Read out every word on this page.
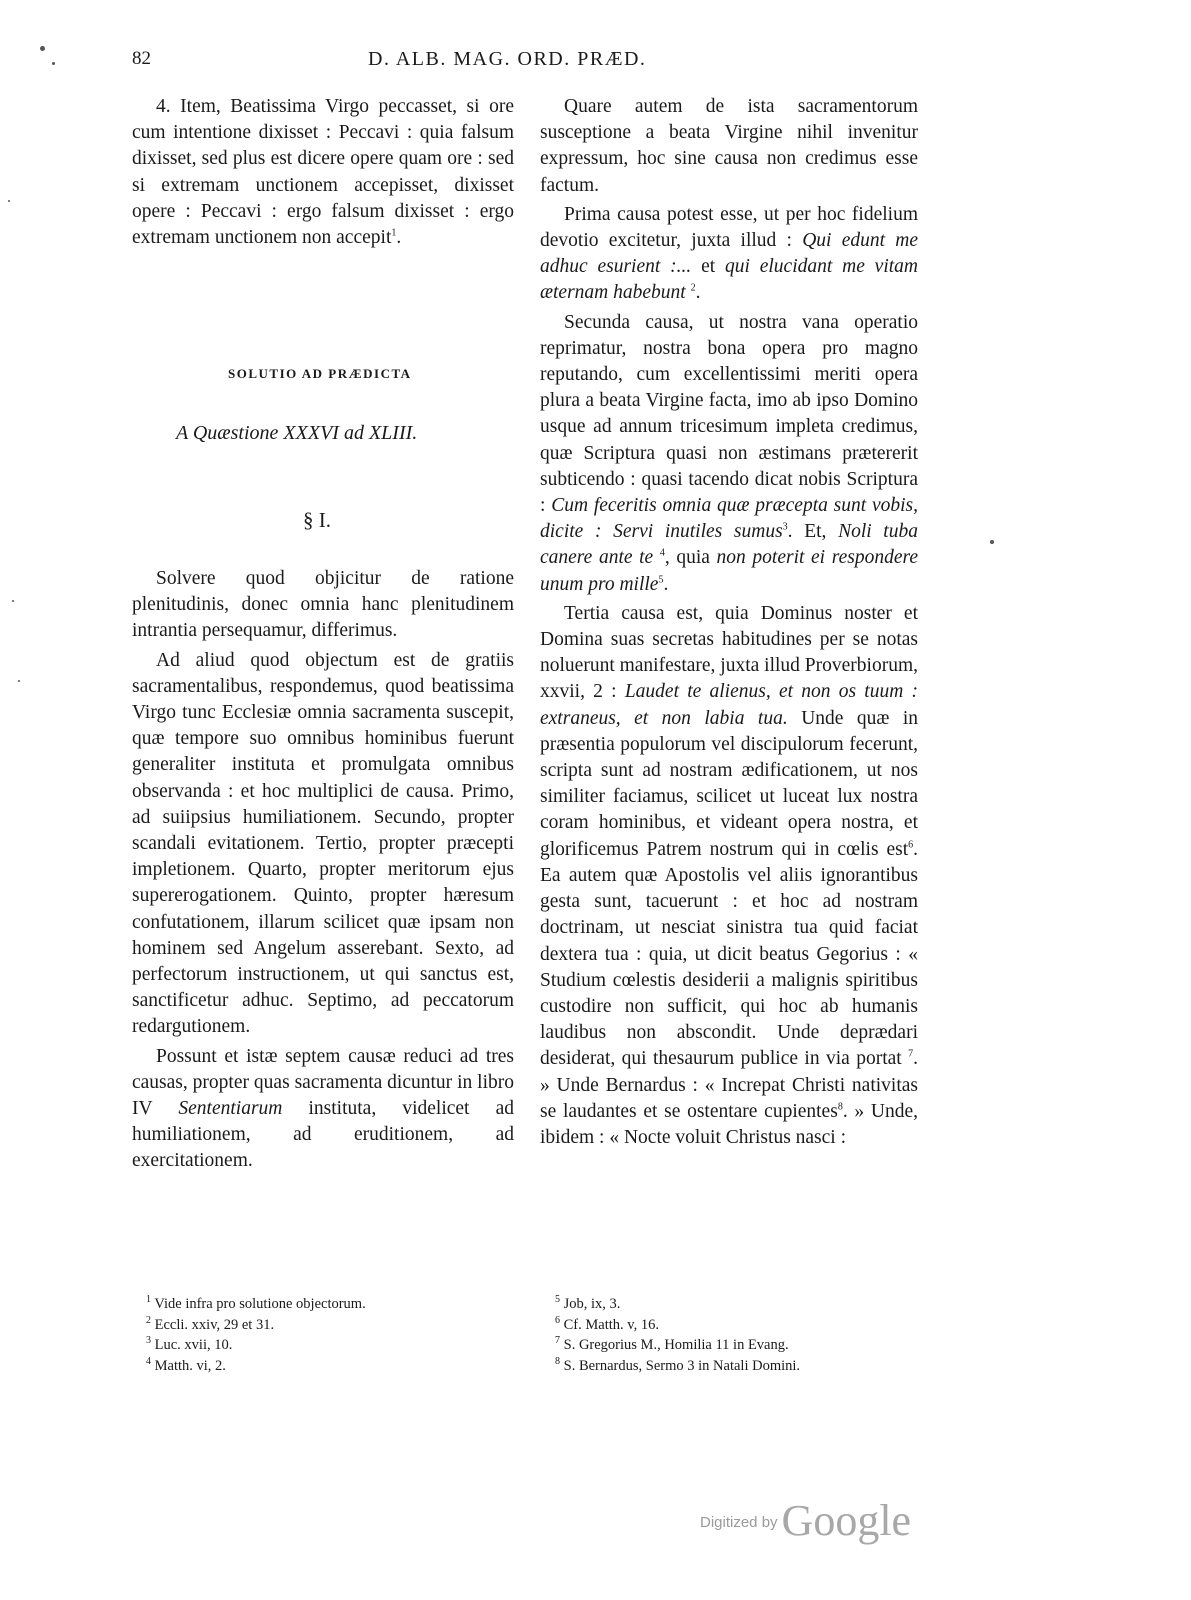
82	D. ALB. MAG. ORD. PRÆD.

4. Item, Beatissima Virgo peccasset, si ore cum intentione dixisset : Peccavi : quia falsum dixisset, sed plus est dicere opere quam ore : sed si extremam unctionem accepisset, dixisset opere : Peccavi : ergo falsum dixisset : ergo extremam unctionem non accepit$^1$.

SOLUTIO AD PRÆDICTA
A Quæstione XXXVI ad XLIII.
§ I.

Solvere quod objicitur de ratione plenitudinis, donec omnia hanc plenitudinem intrantia persequamur, differimus.

Ad aliud quod objectum est de gratiis sacramentalibus, respondemus, quod beatissima Virgo tunc Ecclesiæ omnia sacramenta suscepit, quæ tempore suo omnibus hominibus fuerunt generaliter instituta et promulgata omnibus observanda : et hoc multiplici de causa. Primo, ad suiipsius humiliationem. Secundo, propter scandali evitationem. Tertio, propter præcepti impletionem. Quarto, propter meritorum ejus supererogationem. Quinto, propter hæresum confutationem, illarum scilicet quæ ipsam non hominem sed Angelum asserebant. Sexto, ad perfectorum instructionem, ut qui sanctus est, sanctificetur adhuc. Septimo, ad peccatorum redargutionem.

Possunt et istæ septem causæ reduci ad tres causas, propter quas sacramenta dicuntur in libro IV Sententiarum instituta, videlicet ad humiliationem, ad eruditionem, ad exercitationem.

Quare autem de ista sacramentorum susceptione a beata Virgine nihil invenitur expressum, hoc sine causa non credimus esse factum.

Prima causa potest esse, ut per hoc fidelium devotio excitetur, juxta illud : Qui edunt me adhuc esurient :... et qui elucidant me vitam æternam habebunt $^2$.

Secunda causa, ut nostra vana operatio reprimatur, nostra bona opera pro magno reputando, cum excellentissimi meriti opera plura a beata Virgine facta, imo ab ipso Domino usque ad annum tricesimum impleta credimus, quæ Scriptura quasi non æstimans prætererit subticendo : quasi tacendo dicat nobis Scriptura : Cum feceritis omnia quæ præcepta sunt vobis, dicite : Servi inutiles sumus$^3$. Et, Noli tuba canere ante te $^4$, quia non poterit ei respondere unum pro mille$^5$.

Tertia causa est, quia Dominus noster et Domina suas secretas habitudines per se notas noluerunt manifestare, juxta illud Proverbiorum, xxvii, 2 : Laudet te alienus, et non os tuum : extraneus, et non labia tua. Unde quæ in præsentia populorum vel discipulorum fecerunt, scripta sunt ad nostram ædificationem, ut nos similiter faciamus, scilicet ut luceat lux nostra coram hominibus, et videant opera nostra, et glorificemus Patrem nostrum qui in cœlis est$^6$. Ea autem quæ Apostolis vel aliis ignorantibus gesta sunt, tacuerunt : et hoc ad nostram doctrinam, ut nesciat sinistra tua quid faciat dextera tua : quia, ut dicit beatus Gegorius : « Studium cœlestis desiderii a malignis spiritibus custodire non sufficit, qui hoc ab humanis laudibus non abscondit. Unde deprædari desiderat, qui thesaurum publice in via portat $^7$. » Unde Bernardus : « Increpat Christi nativitas se laudantes et se ostentare cupientes$^8$. » Unde, ibidem : « Nocte voluit Christus nasci :

$^1$ Vide infra pro solutione objectorum.
$^2$ Eccli. xxiv, 29 et 31.
$^3$ Luc. xvii, 10.
$^4$ Matth. vi, 2.
$^5$ Job, ix, 3.
$^6$ Cf. Matth. v, 16.
$^7$ S. Gregorius M., Homilia 11 in Evang.
$^8$ S. Bernardus, Sermo 3 in Natali Domini.
Digitized by Google
